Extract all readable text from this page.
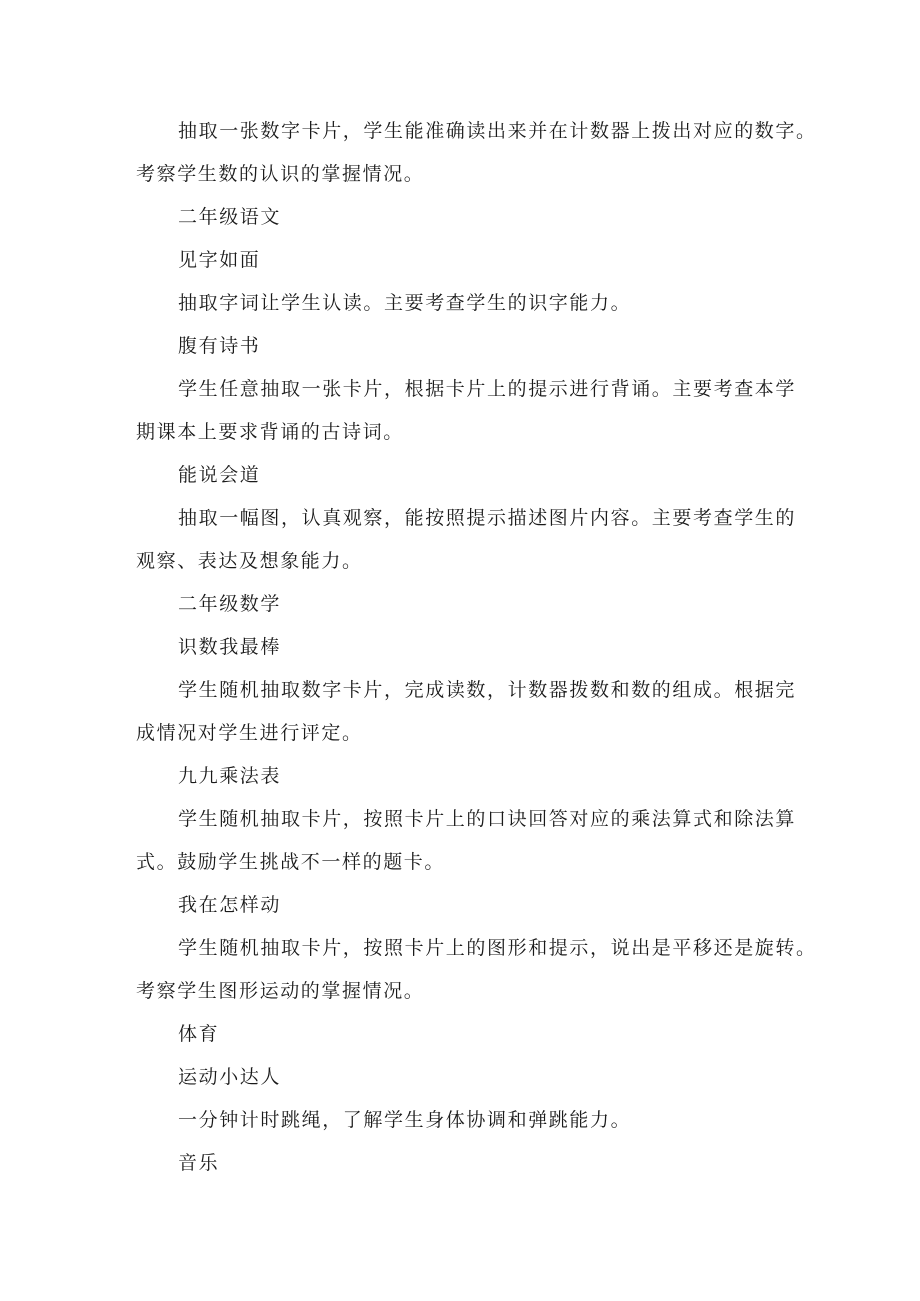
抽取一张数字卡片，学生能准确读出来并在计数器上拨出对应的数字。
考察学生数的认识的掌握情况。
二年级语文
见字如面
抽取字词让学生认读。主要考查学生的识字能力。
腹有诗书
学生任意抽取一张卡片，根据卡片上的提示进行背诵。主要考查本学
期课本上要求背诵的古诗词。
能说会道
抽取一幅图，认真观察，能按照提示描述图片内容。主要考查学生的
观察、表达及想象能力。
二年级数学
识数我最棒
学生随机抽取数字卡片，完成读数，计数器拨数和数的组成。根据完
成情况对学生进行评定。
九九乘法表
学生随机抽取卡片，按照卡片上的口诀回答对应的乘法算式和除法算
式。鼓励学生挑战不一样的题卡。
我在怎样动
学生随机抽取卡片，按照卡片上的图形和提示，说出是平移还是旋转。
考察学生图形运动的掌握情况。
体育
运动小达人
一分钟计时跳绳，了解学生身体协调和弹跳能力。
音乐
